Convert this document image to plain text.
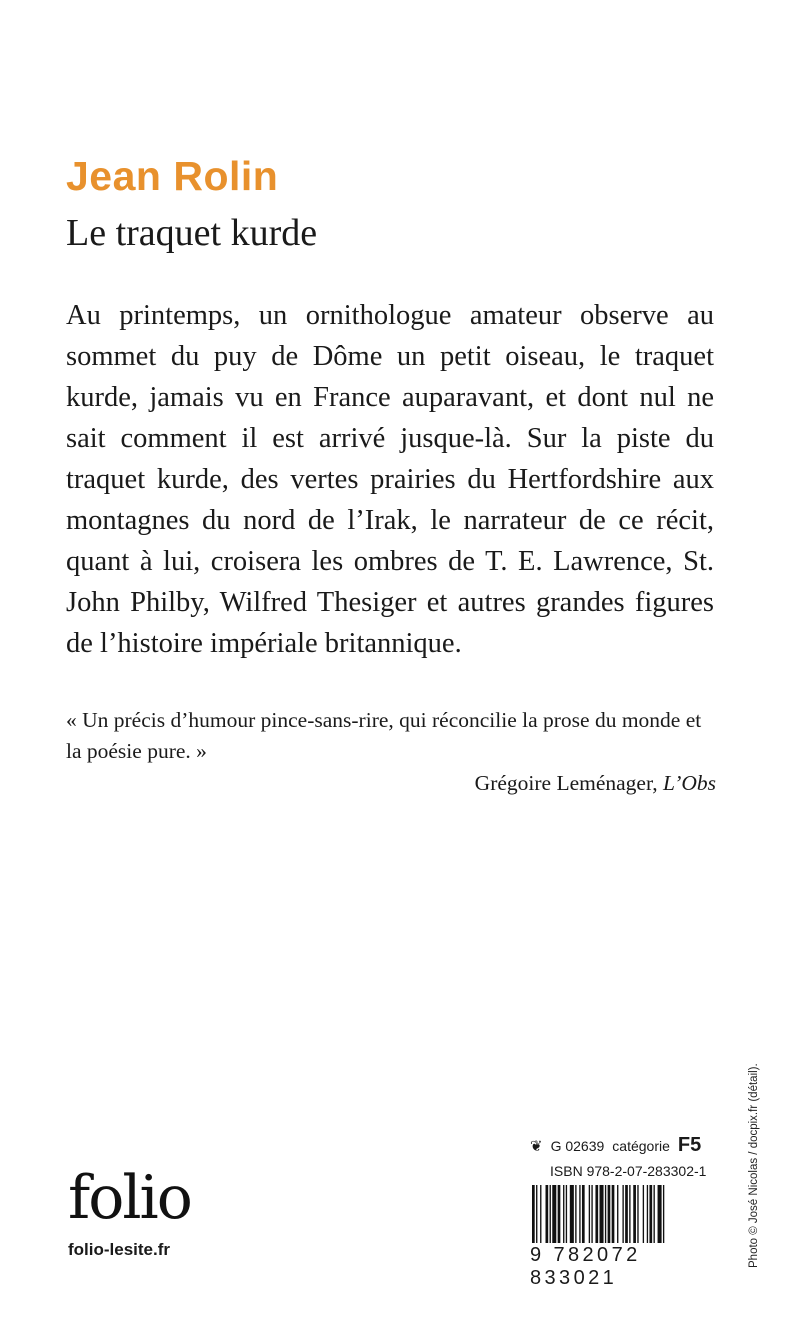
Jean Rolin
Le traquet kurde

Au printemps, un ornithologue amateur observe au sommet du puy de Dôme un petit oiseau, le traquet kurde, jamais vu en France auparavant, et dont nul ne sait comment il est arrivé jusque-là. Sur la piste du traquet kurde, des vertes prairies du Hertfordshire aux montagnes du nord de l’Irak, le narrateur de ce récit, quant à lui, croisera les ombres de T. E. Lawrence, St. John Philby, Wilfred Thesiger et autres grandes figures de l’histoire impériale britannique.

« Un précis d’humour pince-sans-rire, qui réconcilie la prose du monde et la poésie pure. »

Grégoire Leménager, L’Obs

folio
folio-lesite.fr
❦ G 02639 catégorie F5
ISBN 978-2-07-283302-1
9 782072 833021
Photo © José Nicolas / docpix.fr (détail).
